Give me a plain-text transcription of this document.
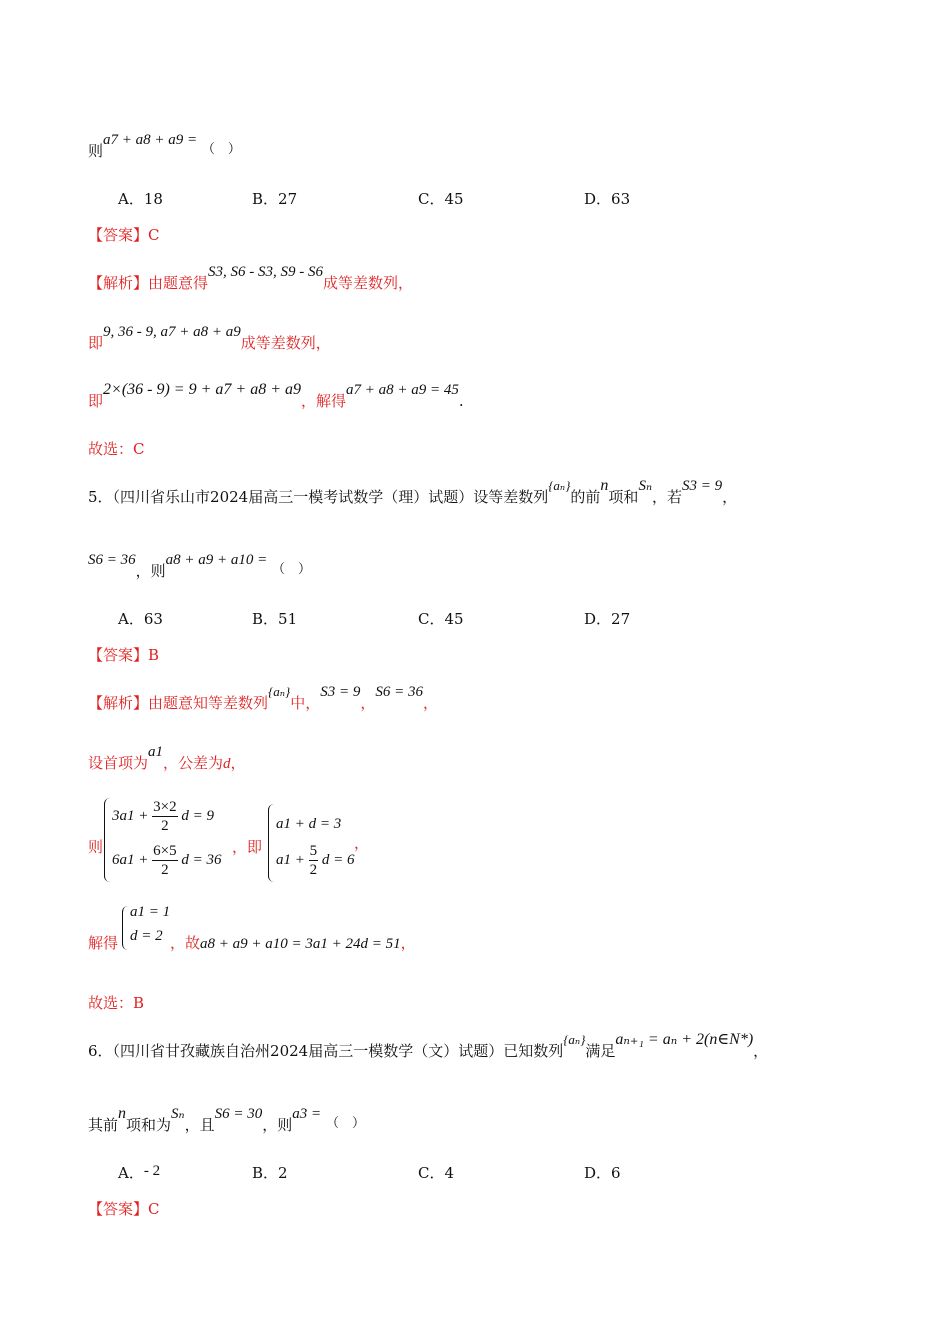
则a7 + a8 + a9 = （　）
A．18	B．27	C．45	D．63
【答案】C
【解析】由题意得S3, S6 - S3, S9 - S6成等差数列，
即9, 36 - 9, a7 + a8 + a9成等差数列，
即2×(36 - 9) = 9 + a7 + a8 + a9，解得a7 + a8 + a9 = 45.
故选：C
5．（四川省乐山市2024届高三一模考试数学（理）试题）设等差数列{aₙ}的前n项和Sₙ，若S3 = 9，
S6 = 36，则a8 + a9 + a10 = （　）
A．63	B．51	C．45	D．27
【答案】B
【解析】由题意知等差数列{aₙ}中，S3 = 9，S6 = 36，
设首项为a1，公差为d，
则
$3a1 + \frac{3\times 2}{2}$ d = 9
$6a1 + \frac{6\times 5}{2}$ d = 36
，即
a1 + d = 3
$a1 + \frac{5}{2}$ d = 6
，
解得
a1 = 1
d = 2 ，故a8 + a9 + a10 = 3a1 + 24d = 51，
故选：B
6．（四川省甘孜藏族自治州2024届高三一模数学（文）试题）已知数列{aₙ}满足aₙ₊₁ = aₙ + 2(n∈N*)，
其前n项和为Sₙ，且S6 = 30，则a3 = （　）
A．- 2	B．2	C．4	D．6
【答案】C
